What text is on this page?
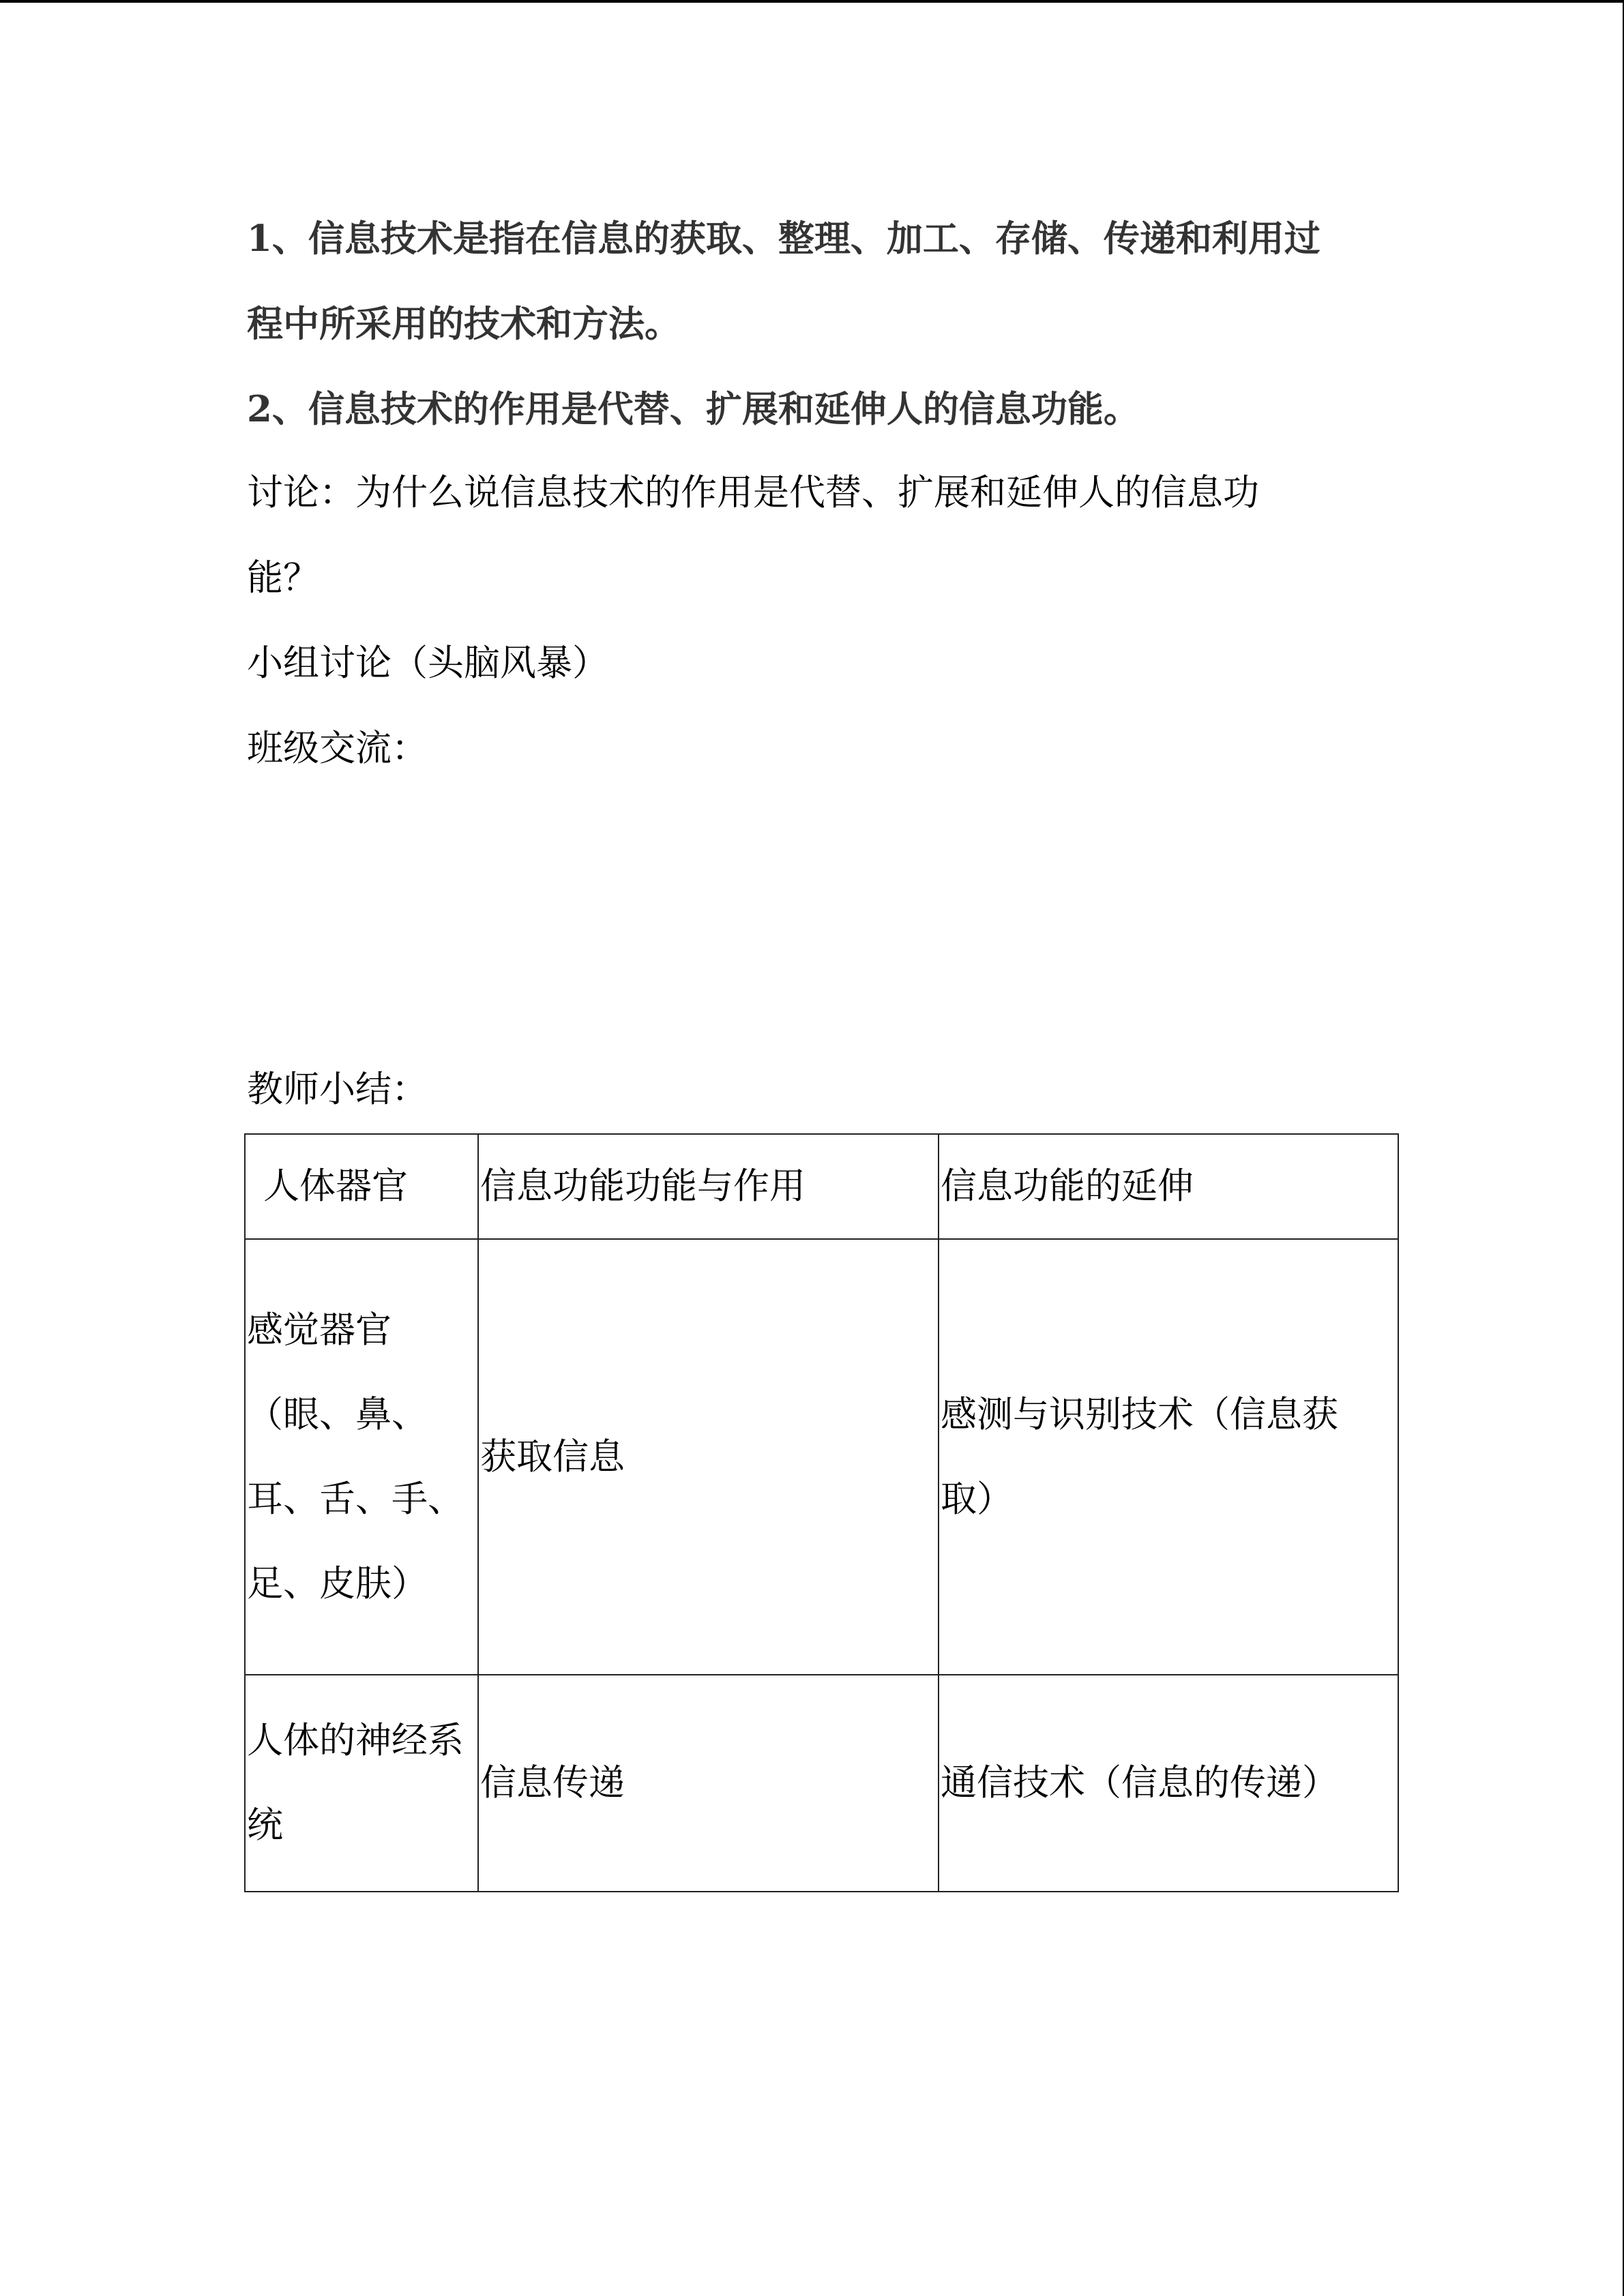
1、信息技术是指在信息的获取、整理、加工、存储、传递和利用过
程中所采用的技术和方法。
2、信息技术的作用是代替、扩展和延伸人的信息功能。
讨论：为什么说信息技术的作用是代替、扩展和延伸人的信息功
能？
小组讨论（头脑风暴）
班级交流：
教师小结：
人体器官	信息功能功能与作用	信息功能的延伸

感觉器官
（眼、鼻、
耳、舌、手、
足、皮肤）	获取信息	感测与识别技术（信息获
取）

人体的神经系
统	信息传递	通信技术（信息的传递）
